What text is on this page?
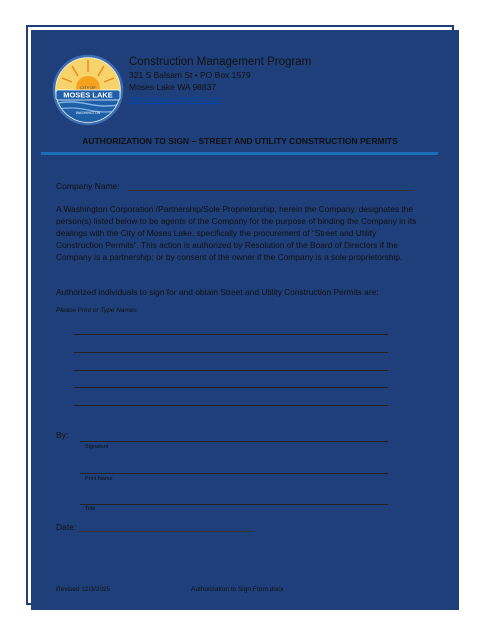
CITY OF
MOSES LAKE
WASHINGTON
Construction Management Program
321 S Balsam St • PO Box 1579
Moses Lake WA 98837
https://www.cityofml.com
AUTHORIZATION TO SIGN – STREET AND UTILITY CONSTRUCTION PERMITS
Company Name:

A Washington Corporation /Partnership/Sole Proprietorship, herein the Company, designates the person(s) listed below to be agents of the Company for the purpose of binding the Company in its dealings with the City of Moses Lake, specifically the procurement of “Street and Utility Construction Permits”. This action is authorized by Resolution of the Board of Directors if the Company is a partnership; or by consent of the owner if the Company is a sole proprietorship.

Authorized individuals to sign for and obtain Street and Utility Construction Permits are:

Please Print or Type Names
By:
Signature
Print Name
Title
Date:
Revised 12/3/2025	Authorization to Sign Form.docx
